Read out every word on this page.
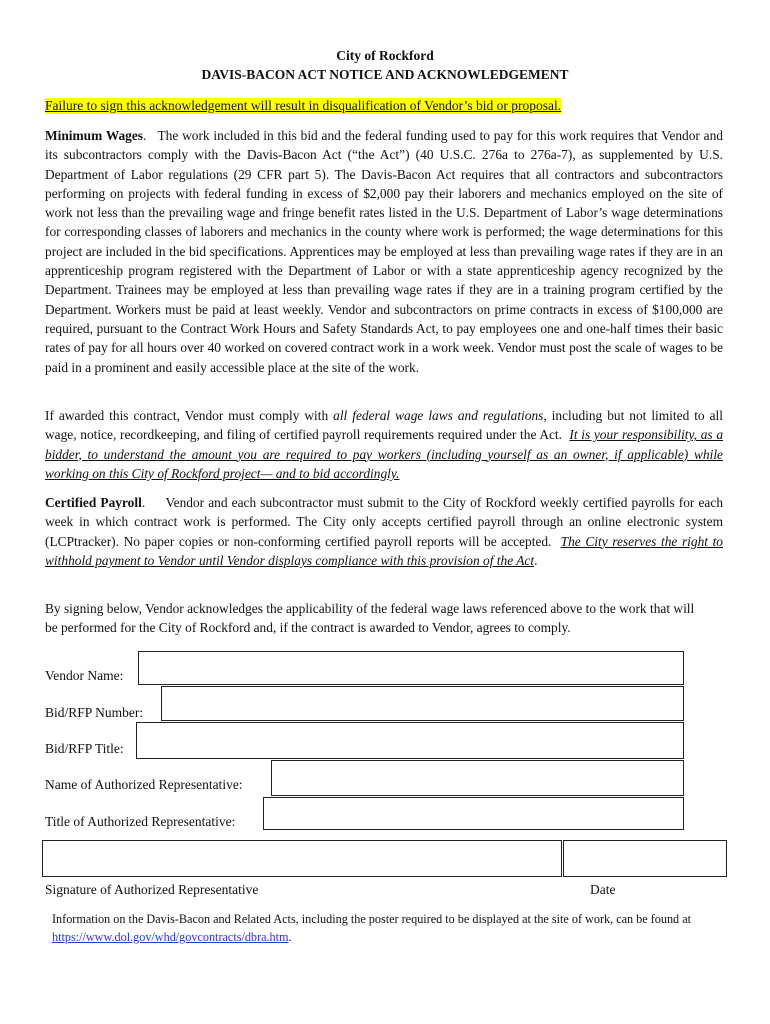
City of Rockford
DAVIS-BACON ACT NOTICE AND ACKNOWLEDGEMENT
Failure to sign this acknowledgement will result in disqualification of Vendor’s bid or proposal.
Minimum Wages.   The work included in this bid and the federal funding used to pay for this work requires that Vendor and its subcontractors comply with the Davis-Bacon Act (“the Act”) (40 U.S.C. 276a to 276a-7), as supplemented by U.S. Department of Labor regulations (29 CFR part 5). The Davis-Bacon Act requires that all contractors and subcontractors performing on projects with federal funding in excess of $2,000 pay their laborers and mechanics employed on the site of work not less than the prevailing wage and fringe benefit rates listed in the U.S. Department of Labor’s wage determinations for corresponding classes of laborers and mechanics in the county where work is performed; the wage determinations for this project are included in the bid specifications. Apprentices may be employed at less than prevailing wage rates if they are in an apprenticeship program registered with the Department of Labor or with a state apprenticeship agency recognized by the Department. Trainees may be employed at less than prevailing wage rates if they are in a training program certified by the Department. Workers must be paid at least weekly. Vendor and subcontractors on prime contracts in excess of $100,000 are required, pursuant to the Contract Work Hours and Safety Standards Act, to pay employees one and one-half times their basic rates of pay for all hours over 40 worked on covered contract work in a work week. Vendor must post the scale of wages to be paid in a prominent and easily accessible place at the site of the work.
If awarded this contract, Vendor must comply with all federal wage laws and regulations, including but not limited to all wage, notice, recordkeeping, and filing of certified payroll requirements required under the Act. It is your responsibility, as a bidder, to understand the amount you are required to pay workers (including yourself as an owner, if applicable) while working on this City of Rockford project— and to bid accordingly.
Certified Payroll.     Vendor and each subcontractor must submit to the City of Rockford weekly certified payrolls for each week in which contract work is performed. The City only accepts certified payroll through an online electronic system (LCPtracker). No paper copies or non-conforming certified payroll reports will be accepted. The City reserves the right to withhold payment to Vendor until Vendor displays compliance with this provision of the Act.
By signing below, Vendor acknowledges the applicability of the federal wage laws referenced above to the work that will be performed for the City of Rockford and, if the contract is awarded to Vendor, agrees to comply.
Vendor Name:
Bid/RFP Number:
Bid/RFP Title:
Name of Authorized Representative:
Title of Authorized Representative:
Signature of Authorized Representative	Date
Information on the Davis-Bacon and Related Acts, including the poster required to be displayed at the site of work, can be found at https://www.dol.gov/whd/govcontracts/dbra.htm.
